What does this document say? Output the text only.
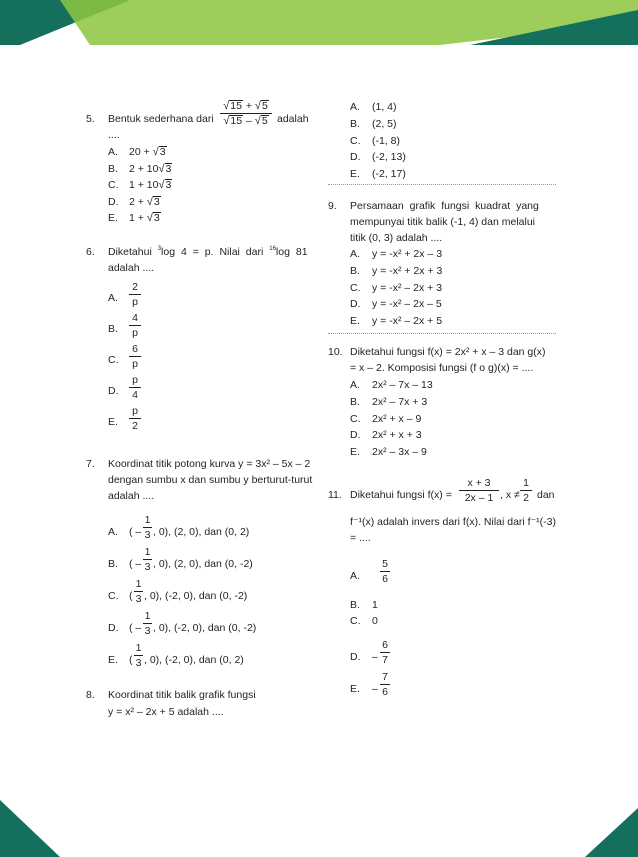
5. Bentuk sederhana dari $\frac{√15 + √5}{√15 - √5}$ adalah
....
A. 20 + √3
B. 2 + 10√3
C. 1 + 10√3
D. 2 + √3
E. 1 + √3
6. Diketahui $^3$log 4 = p. Nilai dari $^{16}$log 81
adalah ....
A. $\frac{2}{p}$
B. $\frac{4}{p}$
C. $\frac{6}{p}$
D. $\frac{p}{4}$
E. $\frac{p}{2}$
7. Koordinat titik potong kurva y = 3x² – 5x – 2
dengan sumbu x dan sumbu y berturut-turut
adalah ....
A. ( – $\frac{1}{3}$ , 0), (2, 0), dan (0, 2)
B. ( – $\frac{1}{3}$ , 0), (2, 0), dan (0, -2)
C. ( $\frac{1}{3}$ , 0), (-2, 0), dan (0, -2)
D. ( – $\frac{1}{3}$ , 0), (-2, 0), dan (0, -2)
E. ( $\frac{1}{3}$ , 0), (-2, 0), dan (0, 2)
8. Koordinat titik balik grafik fungsi
y = x² – 2x + 5 adalah ....
A. (1, 4)
B. (2, 5)
C. (-1, 8)
D. (-2, 13)
E. (-2, 17)
9. Persamaan grafik fungsi kuadrat yang
mempunyai titik balik (-1, 4) dan melalui
titik (0, 3) adalah ....
A. y = -x² + 2x – 3
B. y = -x² + 2x + 3
C. y = -x² – 2x + 3
D. y = -x² – 2x – 5
E. y = -x² – 2x + 5
10. Diketahui fungsi f(x) = 2x² + x – 3 dan g(x)
= x – 2. Komposisi fungsi (f o g)(x) = ....
A. 2x² – 7x – 13
B. 2x² – 7x + 3
C. 2x² + x – 9
D. 2x² + x + 3
E. 2x² – 3x – 9
11. Diketahui fungsi $f(x) = \frac{x + 3}{2x - 1}$ , $x \ne \frac{1}{2}$ dan
f⁻¹(x) adalah invers dari f(x). Nilai dari f⁻¹(-3)
= ....
A. $\frac{5}{6}$
B. 1
C. 0
D. – $\frac{6}{7}$
E. – $\frac{7}{6}$
